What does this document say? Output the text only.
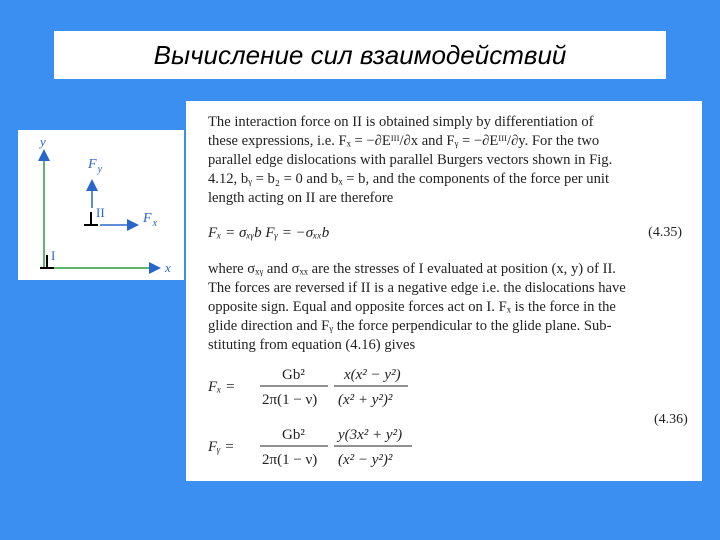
Вычисление сил взаимодействий
y
x
I
II
$F_y$
$F_x$
The interaction force on II is obtained simply by differentiation of
these expressions, i.e. Fₓ = −∂Eᴵᴵᴵ/∂x and Fᵧ = −∂Eᴵᴵᴵ/∂y. For the two
parallel edge dislocations with parallel Burgers vectors shown in Fig.
4.12, bᵧ = b₂ = 0 and bₓ = b, and the components of the force per unit
length acting on II are therefore
Fₓ = σₓᵧb Fᵧ = −σₓₓb	(4.35)
where σₓᵧ and σₓₓ are the stresses of I evaluated at position (x, y) of II.
The forces are reversed if II is a negative edge i.e. the dislocations have
opposite sign. Equal and opposite forces act on I. Fₓ is the force in the
glide direction and Fᵧ the force perpendicular to the glide plane. Sub-
stituting from equation (4.16) gives
Fₓ =
Gb²
2π(1 − ν)
x(x² − y²)
(x² + y²)²
(4.36)
Fᵧ =
Gb²
2π(1 − ν)
y(3x² + y²)
(x² − y²)²
